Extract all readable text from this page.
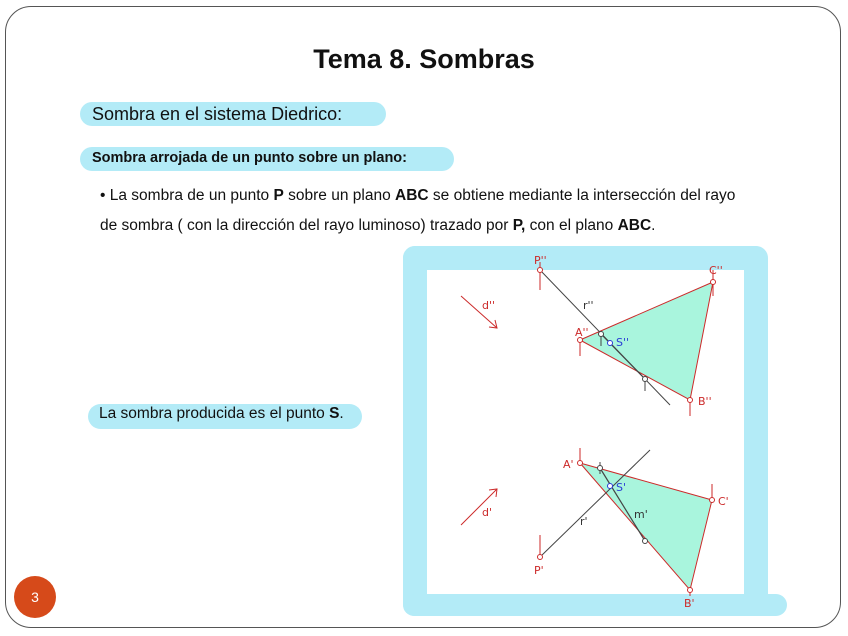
Tema 8. Sombras
Sombra en el sistema Diedrico:
Sombra arrojada de un punto sobre un plano:
• La sombra de un punto P sobre un plano ABC se obtiene mediante la intersección del rayo de sombra ( con la dirección del rayo luminoso) trazado por P, con el plano ABC.
La sombra producida es el punto S.
P''
C''
r''
d''
A''
S''
B''
A'
S'
C'
m'
r'
d'
P'
B'
3
